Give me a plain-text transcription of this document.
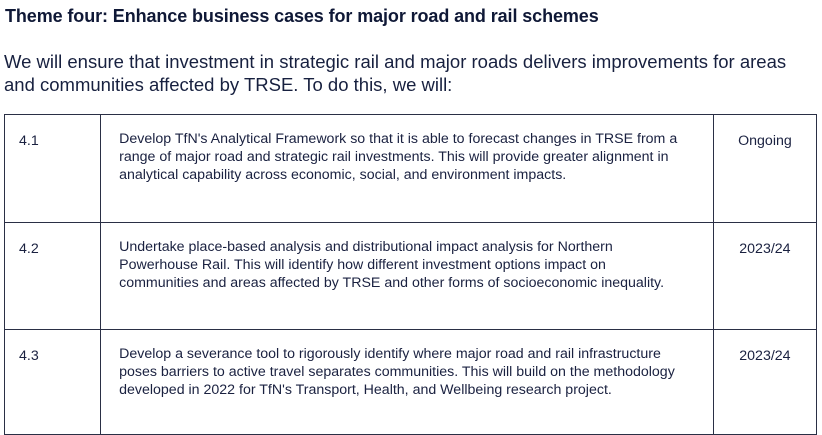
Theme four: Enhance business cases for major road and rail schemes
We will ensure that investment in strategic rail and major roads delivers improvements for areas and communities affected by TRSE. To do this, we will:
4.1	Develop TfN's Analytical Framework so that it is able to forecast changes in TRSE from a range of major road and strategic rail investments. This will provide greater alignment in analytical capability across economic, social, and environment impacts.	Ongoing

4.2	Undertake place-based analysis and distributional impact analysis for Northern Powerhouse Rail. This will identify how different investment options impact on communities and areas affected by TRSE and other forms of socioeconomic inequality.	2023/24

4.3	Develop a severance tool to rigorously identify where major road and rail infrastructure poses barriers to active travel separates communities. This will build on the methodology developed in 2022 for TfN's Transport, Health, and Wellbeing research project.	2023/24
